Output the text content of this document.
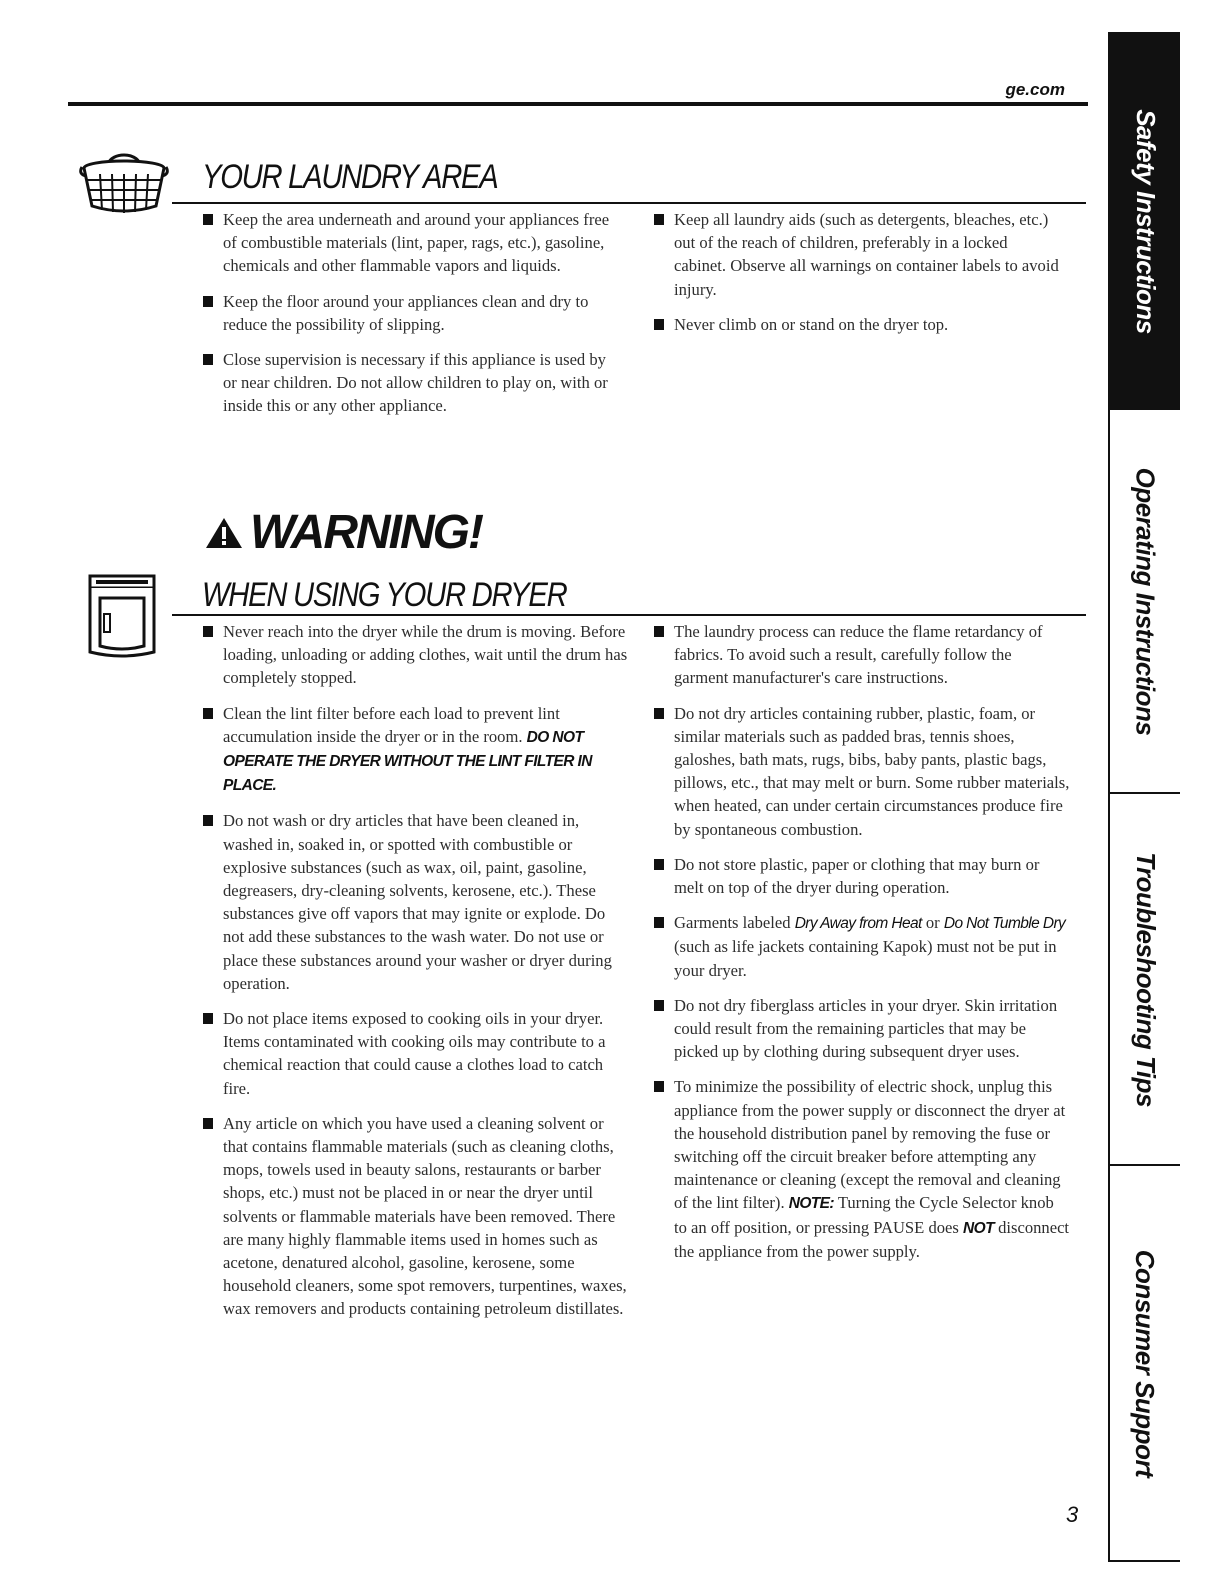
ge.com
YOUR LAUNDRY AREA
Keep the area underneath and around your appliances free of combustible materials (lint, paper, rags, etc.), gasoline, chemicals and other flammable vapors and liquids.
Keep the floor around your appliances clean and dry to reduce the possibility of slipping.
Close supervision is necessary if this appliance is used by or near children. Do not allow children to play on, with or inside this or any other appliance.
Keep all laundry aids (such as detergents, bleaches, etc.) out of the reach of children, preferably in a locked cabinet. Observe all warnings on container labels to avoid injury.
Never climb on or stand on the dryer top.
WARNING!
WHEN USING YOUR DRYER
Never reach into the dryer while the drum is moving. Before loading, unloading or adding clothes, wait until the drum has completely stopped.
Clean the lint filter before each load to prevent lint accumulation inside the dryer or in the room. DO NOT OPERATE THE DRYER WITHOUT THE LINT FILTER IN PLACE.
Do not wash or dry articles that have been cleaned in, washed in, soaked in, or spotted with combustible or explosive substances (such as wax, oil, paint, gasoline, degreasers, dry-cleaning solvents, kerosene, etc.). These substances give off vapors that may ignite or explode. Do not add these substances to the wash water. Do not use or place these substances around your washer or dryer during operation.
Do not place items exposed to cooking oils in your dryer. Items contaminated with cooking oils may contribute to a chemical reaction that could cause a clothes load to catch fire.
Any article on which you have used a cleaning solvent or that contains flammable materials (such as cleaning cloths, mops, towels used in beauty salons, restaurants or barber shops, etc.) must not be placed in or near the dryer until solvents or flammable materials have been removed. There are many highly flammable items used in homes such as acetone, denatured alcohol, gasoline, kerosene, some household cleaners, some spot removers, turpentines, waxes, wax removers and products containing petroleum distillates.
The laundry process can reduce the flame retardancy of fabrics. To avoid such a result, carefully follow the garment manufacturer's care instructions.
Do not dry articles containing rubber, plastic, foam, or similar materials such as padded bras, tennis shoes, galoshes, bath mats, rugs, bibs, baby pants, plastic bags, pillows, etc., that may melt or burn. Some rubber materials, when heated, can under certain circumstances produce fire by spontaneous combustion.
Do not store plastic, paper or clothing that may burn or melt on top of the dryer during operation.
Garments labeled Dry Away from Heat or Do Not Tumble Dry (such as life jackets containing Kapok) must not be put in your dryer.
Do not dry fiberglass articles in your dryer. Skin irritation could result from the remaining particles that may be picked up by clothing during subsequent dryer uses.
To minimize the possibility of electric shock, unplug this appliance from the power supply or disconnect the dryer at the household distribution panel by removing the fuse or switching off the circuit breaker before attempting any maintenance or cleaning (except the removal and cleaning of the lint filter). NOTE: Turning the Cycle Selector knob to an off position, or pressing PAUSE does NOT disconnect the appliance from the power supply.
Safety Instructions
Operating Instructions
Troubleshooting Tips
Consumer Support
3
